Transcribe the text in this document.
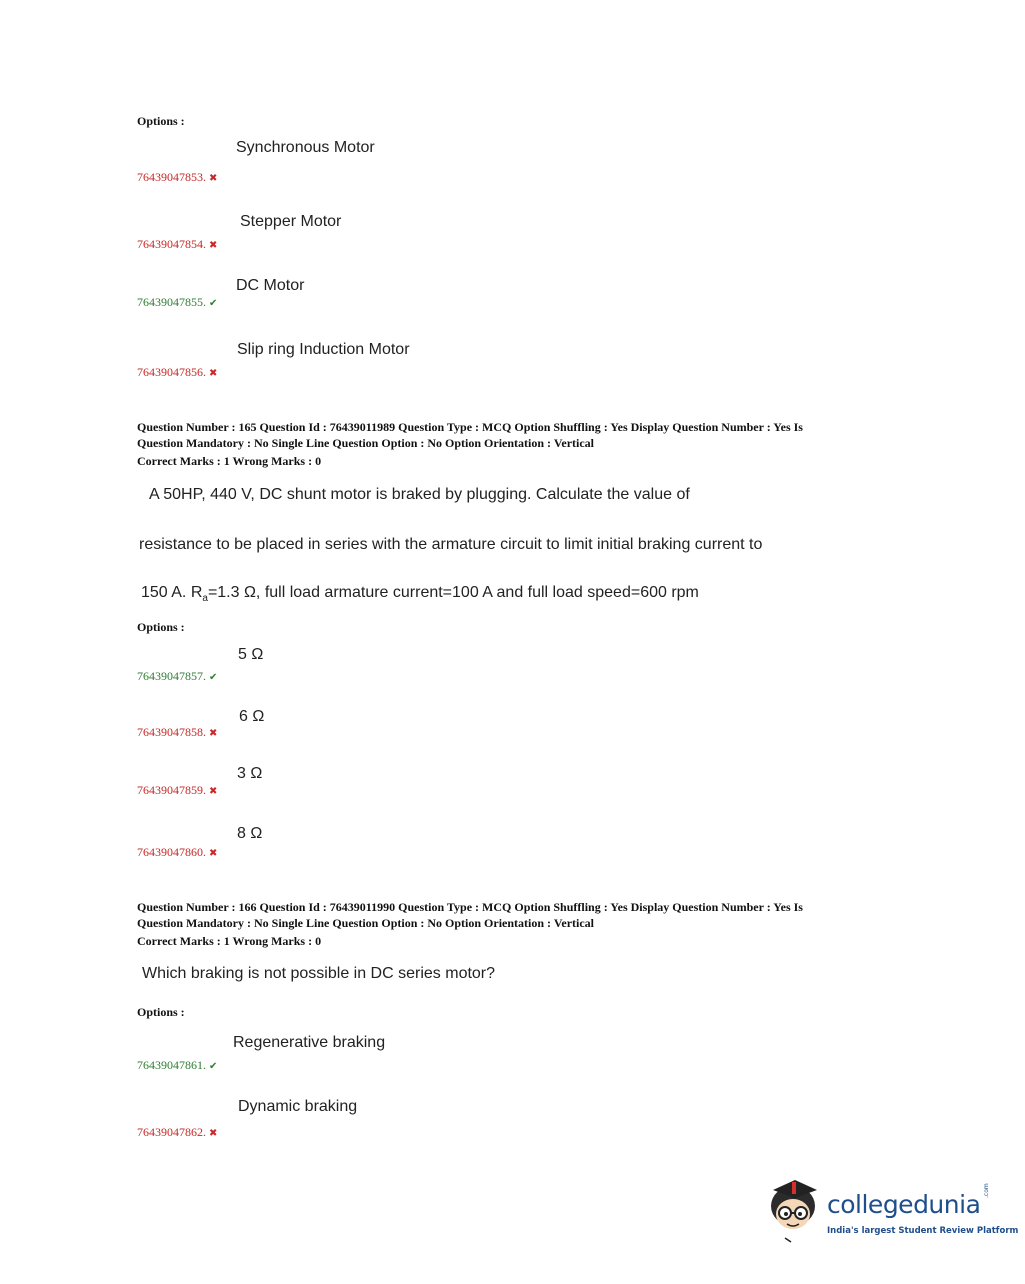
Options :
Synchronous Motor
76439047853. ✖
Stepper Motor
76439047854. ✖
DC Motor
76439047855. ✔
Slip ring Induction Motor
76439047856. ✖
Question Number : 165 Question Id : 76439011989 Question Type : MCQ Option Shuffling : Yes Display Question Number : Yes Is
Question Mandatory : No Single Line Question Option : No Option Orientation : Vertical
Correct Marks : 1 Wrong Marks : 0
A 50HP, 440 V, DC shunt motor is braked by plugging. Calculate the value of
resistance to be placed in series with the armature circuit to limit initial braking current to
150 A. $R_a=1.3$ Ω, full load armature current=100 A and full load speed=600 rpm
Options :
5 Ω
76439047857. ✔
6 Ω
76439047858. ✖
3 Ω
76439047859. ✖
8 Ω
76439047860. ✖
Question Number : 166 Question Id : 76439011990 Question Type : MCQ Option Shuffling : Yes Display Question Number : Yes Is
Question Mandatory : No Single Line Question Option : No Option Orientation : Vertical
Correct Marks : 1 Wrong Marks : 0
Which braking is not possible in DC series motor?
Options :
Regenerative braking
76439047861. ✔
Dynamic braking
76439047862. ✖
collegedunia .com
India's largest Student Review Platform
